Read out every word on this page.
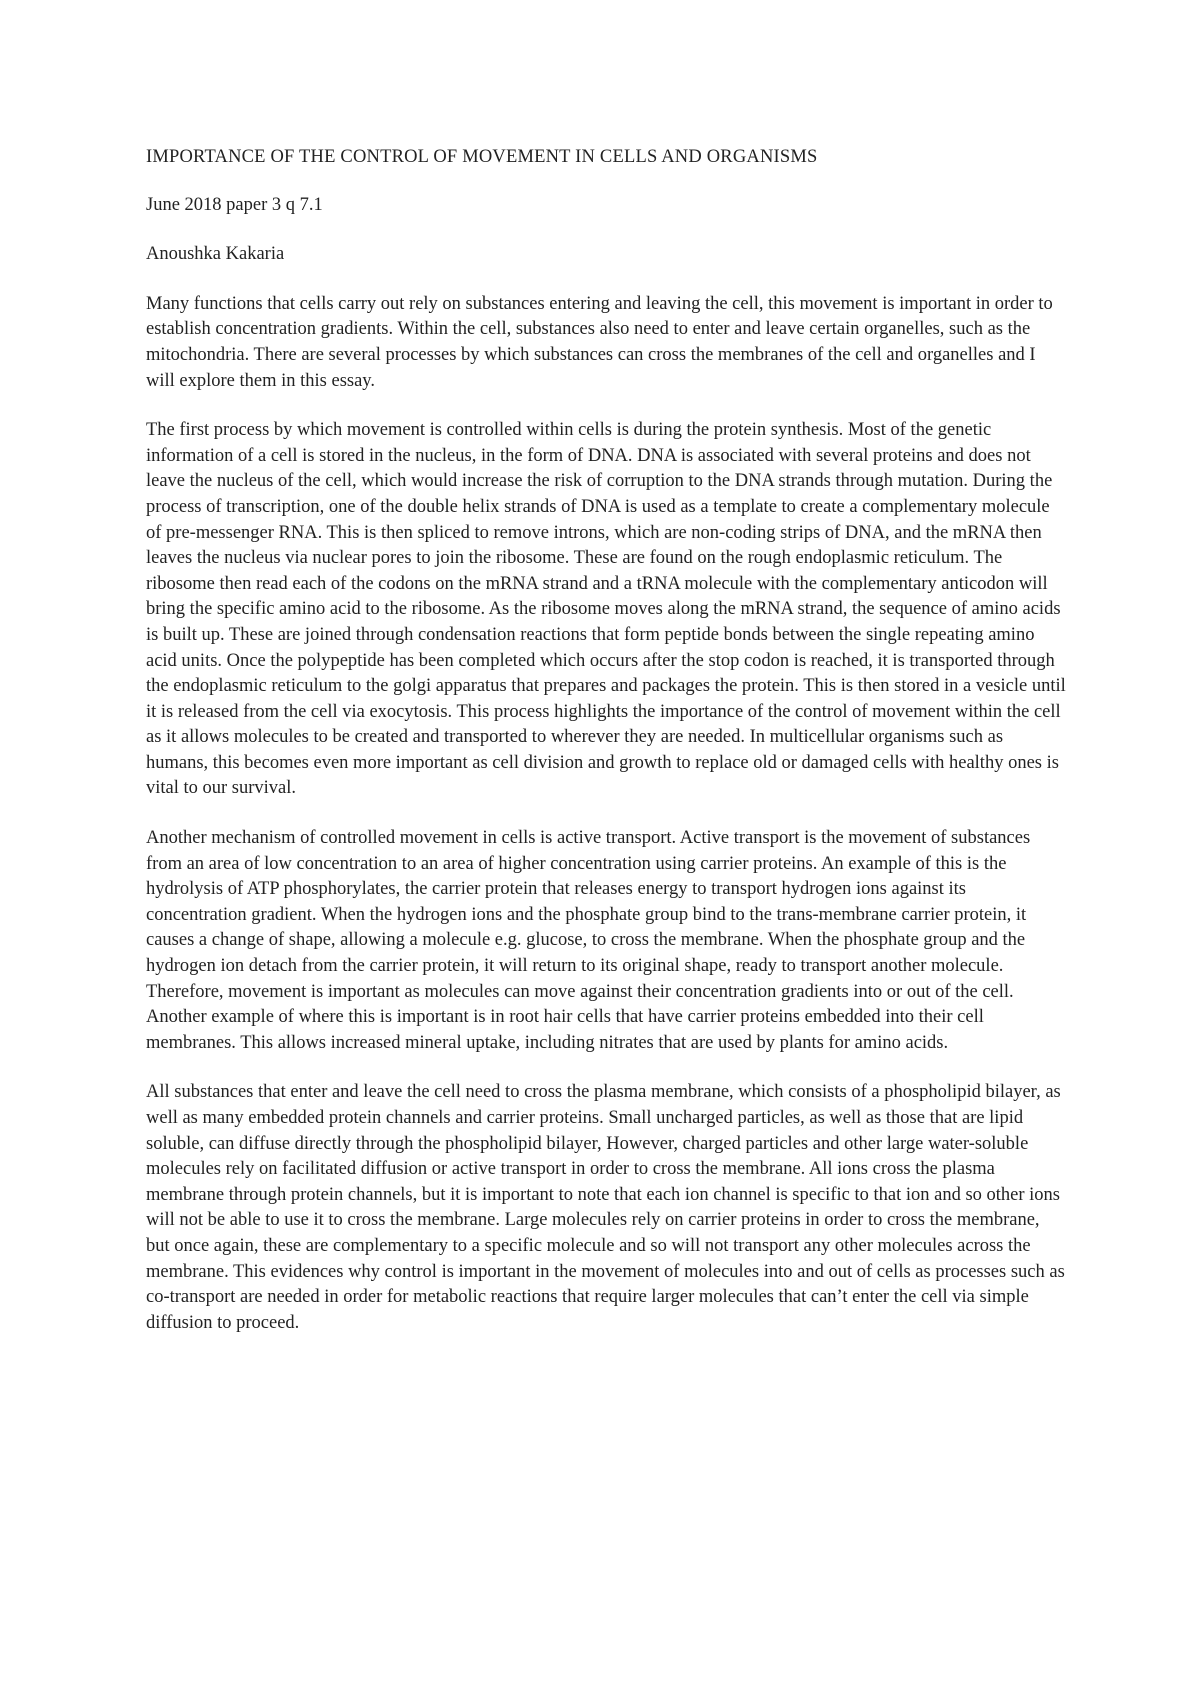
IMPORTANCE OF THE CONTROL OF MOVEMENT IN CELLS AND ORGANISMS

June 2018 paper 3 q 7.1

Anoushka Kakaria

Many functions that cells carry out rely on substances entering and leaving the cell, this movement is important in order to establish concentration gradients. Within the cell, substances also need to enter and leave certain organelles, such as the mitochondria. There are several processes by which substances can cross the membranes of the cell and organelles and I will explore them in this essay.

The first process by which movement is controlled within cells is during the protein synthesis. Most of the genetic information of a cell is stored in the nucleus, in the form of DNA. DNA is associated with several proteins and does not leave the nucleus of the cell, which would increase the risk of corruption to the DNA strands through mutation. During the process of transcription, one of the double helix strands of DNA is used as a template to create a complementary molecule of pre-messenger RNA. This is then spliced to remove introns, which are non-coding strips of DNA, and the mRNA then leaves the nucleus via nuclear pores to join the ribosome. These are found on the rough endoplasmic reticulum. The ribosome then read each of the codons on the mRNA strand and a tRNA molecule with the complementary anticodon will bring the specific amino acid to the ribosome. As the ribosome moves along the mRNA strand, the sequence of amino acids is built up. These are joined through condensation reactions that form peptide bonds between the single repeating amino acid units. Once the polypeptide has been completed which occurs after the stop codon is reached, it is transported through the endoplasmic reticulum to the golgi apparatus that prepares and packages the protein. This is then stored in a vesicle until it is released from the cell via exocytosis. This process highlights the importance of the control of movement within the cell as it allows molecules to be created and transported to wherever they are needed. In multicellular organisms such as humans, this becomes even more important as cell division and growth to replace old or damaged cells with healthy ones is vital to our survival.

Another mechanism of controlled movement in cells is active transport. Active transport is the movement of substances from an area of low concentration to an area of higher concentration using carrier proteins. An example of this is the hydrolysis of ATP phosphorylates, the carrier protein that releases energy to transport hydrogen ions against its concentration gradient. When the hydrogen ions and the phosphate group bind to the trans-membrane carrier protein, it causes a change of shape, allowing a molecule e.g. glucose, to cross the membrane. When the phosphate group and the hydrogen ion detach from the carrier protein, it will return to its original shape, ready to transport another molecule. Therefore, movement is important as molecules can move against their concentration gradients into or out of the cell. Another example of where this is important is in root hair cells that have carrier proteins embedded into their cell membranes. This allows increased mineral uptake, including nitrates that are used by plants for amino acids.

All substances that enter and leave the cell need to cross the plasma membrane, which consists of a phospholipid bilayer, as well as many embedded protein channels and carrier proteins. Small uncharged particles, as well as those that are lipid soluble, can diffuse directly through the phospholipid bilayer, However, charged particles and other large water-soluble molecules rely on facilitated diffusion or active transport in order to cross the membrane. All ions cross the plasma membrane through protein channels, but it is important to note that each ion channel is specific to that ion and so other ions will not be able to use it to cross the membrane. Large molecules rely on carrier proteins in order to cross the membrane, but once again, these are complementary to a specific molecule and so will not transport any other molecules across the membrane. This evidences why control is important in the movement of molecules into and out of cells as processes such as co-transport are needed in order for metabolic reactions that require larger molecules that can’t enter the cell via simple diffusion to proceed.
